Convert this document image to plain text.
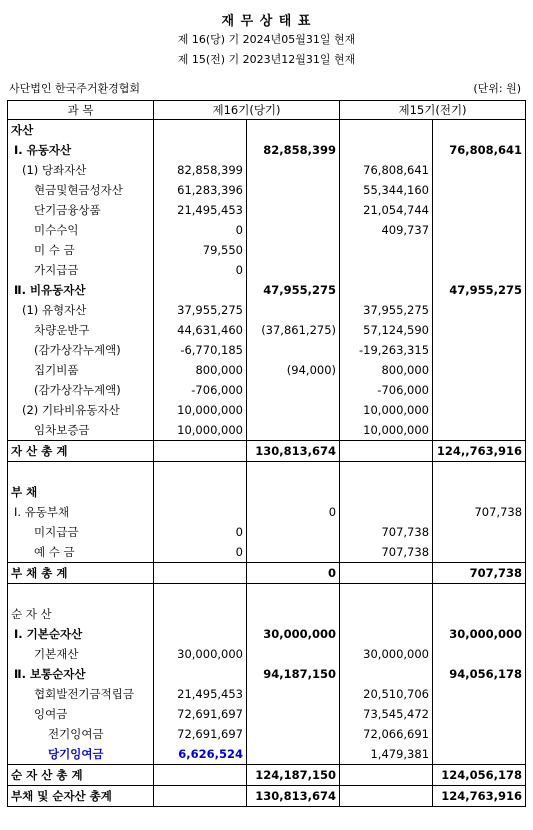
재 무 상 태 표
제 16(당) 기 2024년05월31일 현재
제 15(전) 기 2023년12월31일 현재
사단법인 한국주거환경협회	(단위: 원)
과 목	제16기(당기)		제15기(전기)	
자산				
Ⅰ. 유동자산		82,858,399		76,808,641
(1) 당좌자산	82,858,399		76,808,641	
현금및현금성자산	61,283,396		55,344,160	
단기금융상품	21,495,453		21,054,744	
미수수익	0		409,737	
미 수 금	79,550			
가지급금	0			
Ⅱ. 비유동자산		47,955,275		47,955,275
(1) 유형자산	37,955,275		37,955,275	
차량운반구	44,631,460	(37,861,275)	57,124,590	
(감가상각누계액)	-6,770,185		-19,263,315	
집기비품	800,000	(94,000)	800,000	
(감가상각누계액)	-706,000		-706,000	
(2) 기타비유동자산	10,000,000		10,000,000	
임차보증금	10,000,000		10,000,000	
자 산 총 계		130,813,674		124,,763,916

부 채				
Ⅰ. 유동부채		0		707,738
미지급금	0		707,738	
예 수 금	0		707,738	
부 채 총 계		0		707,738

순 자 산				
Ⅰ. 기본순자산		30,000,000		30,000,000
기본재산	30,000,000		30,000,000	
Ⅱ. 보통순자산		94,187,150		94,056,178
협회발전기금적립금	21,495,453		20,510,706	
잉여금	72,691,697		73,545,472	
전기잉여금	72,691,697		72,066,691	
당기잉여금	6,626,524		1,479,381	
순 자 산 총 계		124,187,150		124,056,178
부채 및 순자산 총계		130,813,674		124,763,916
